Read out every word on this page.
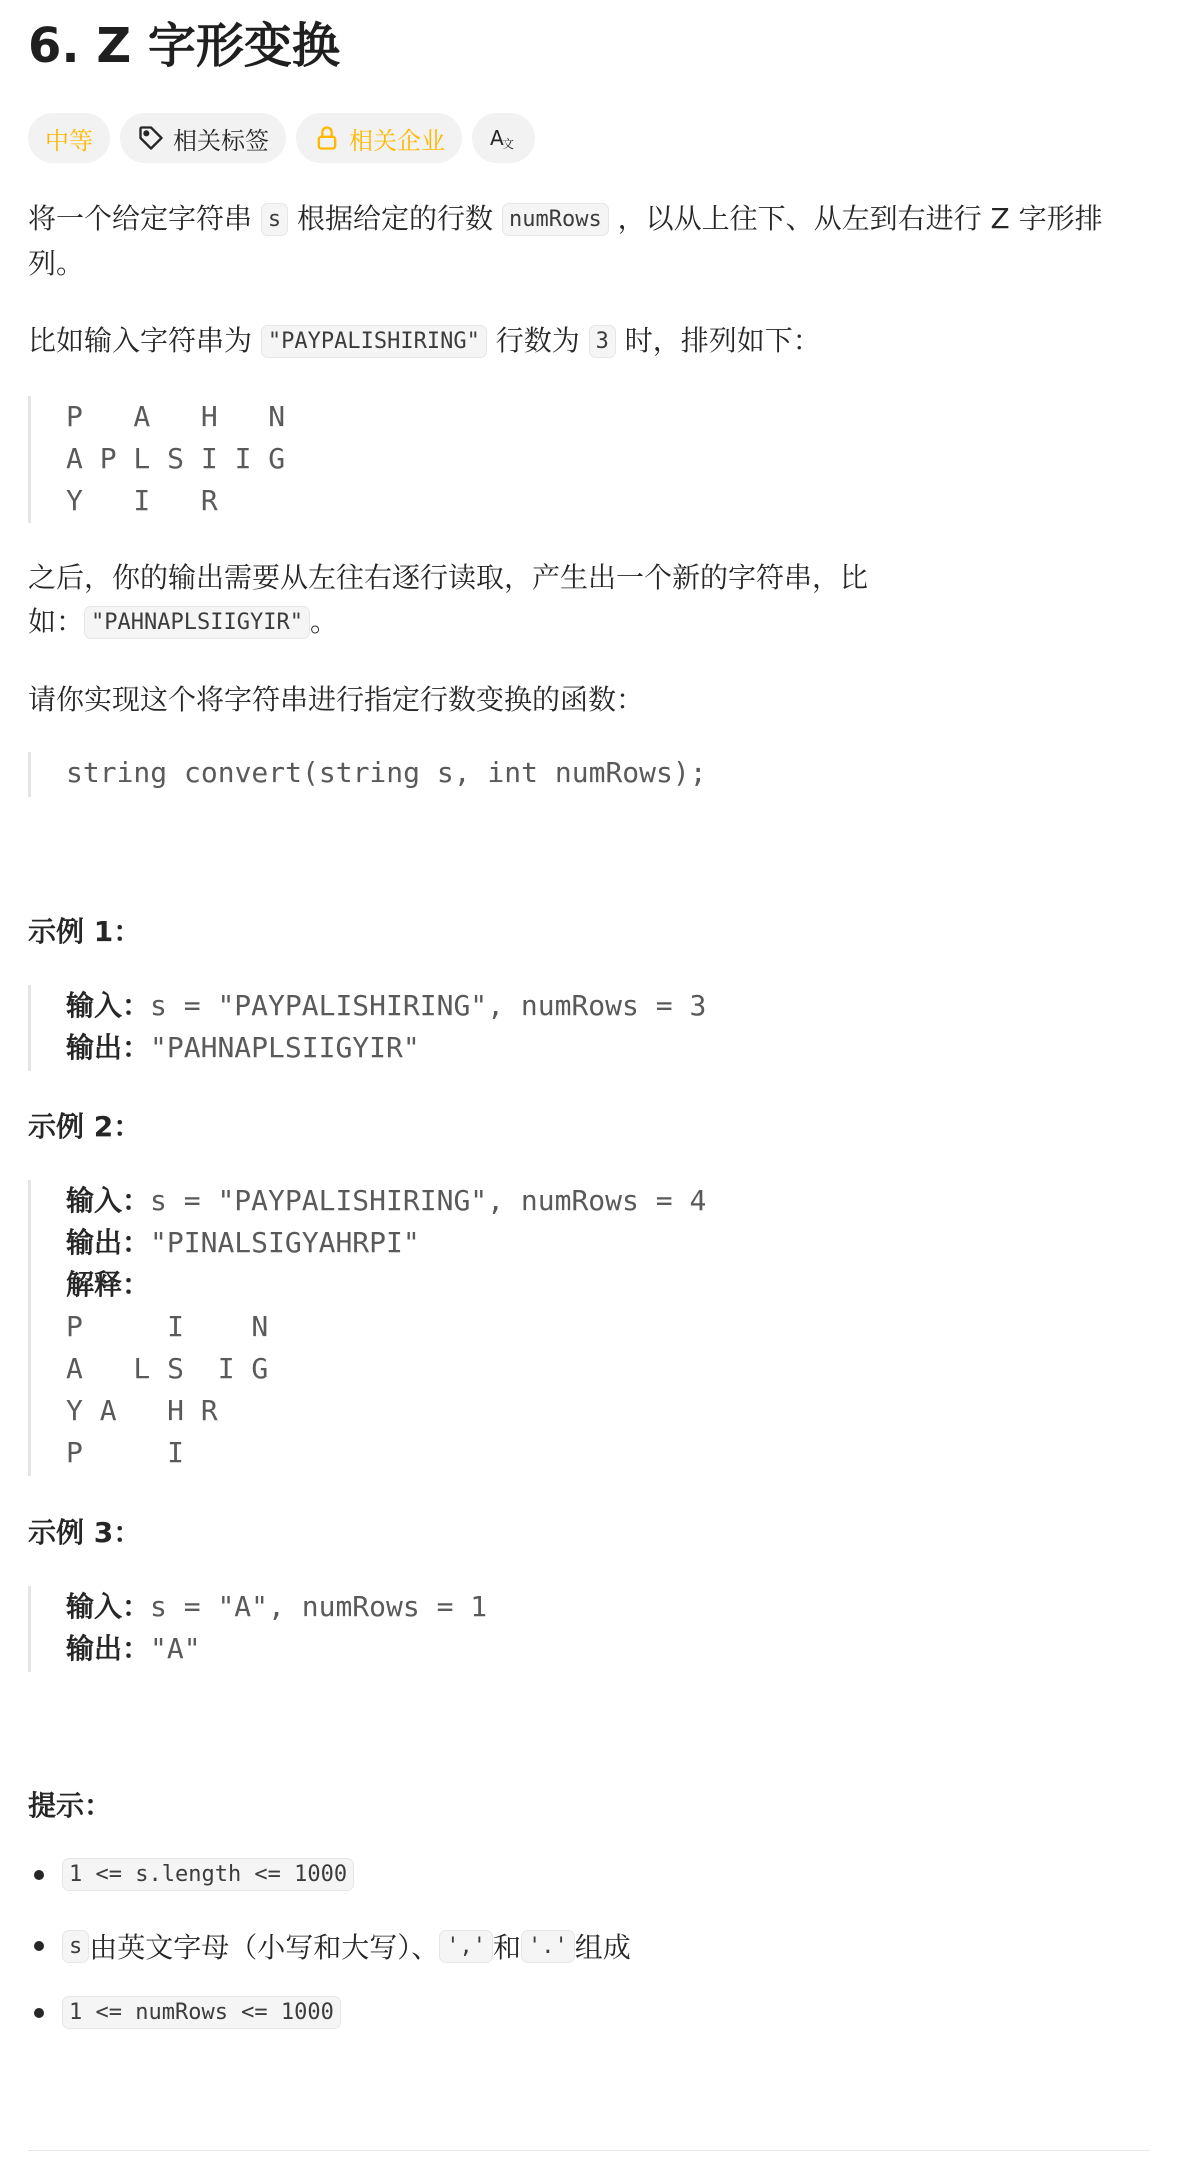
6. Z 字形变换
中等	相关标签	相关企业 A
文
将一个给定字符串 s 根据给定的行数 numRows ，以从上往下、从左到右进行 Z 字形排列。
比如输入字符串为 "PAYPALISHIRING" 行数为 3 时，排列如下：
P   A   H   N
A P L S I I G
Y   I   R
之后，你的输出需要从左往右逐行读取，产生出一个新的字符串，比
如： "PAHNAPLSIIGYIR" 。
请你实现这个将字符串进行指定行数变换的函数：
string convert(string s, int numRows);
示例 1：
输入：s = "PAYPALISHIRING", numRows = 3
输出："PAHNAPLSIIGYIR"
示例 2：
输入：s = "PAYPALISHIRING", numRows = 4
输出："PINALSIGYAHRPI"
解释：
P     I    N
A   L S  I G
Y A   H R
P     I
示例 3：
输入：s = "A", numRows = 1
输出："A"
提示：
1 <= s.length <= 1000
s 由英文字母（小写和大写）、 ',' 和 '.' 组成
1 <= numRows <= 1000
